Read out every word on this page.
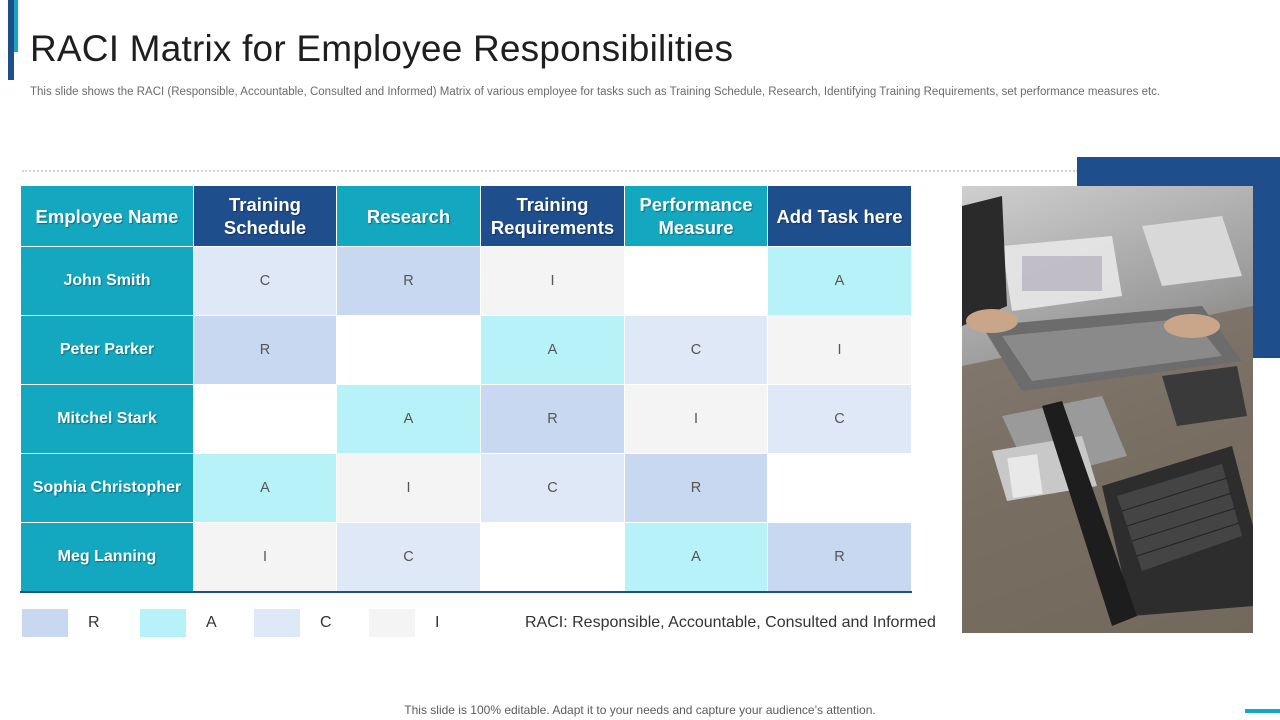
RACI Matrix for Employee Responsibilities
This slide shows the RACI (Responsible, Accountable, Consulted and Informed) Matrix of various employee for tasks such as Training Schedule, Research, Identifying Training Requirements, set performance measures etc.
Employee Name	Training Schedule	Research	Training Requirements	Performance Measure	Add Task here
John Smith	C	R	I		A
Peter Parker	R		A	C	I
Mitchel Stark		A	R	I	C
Sophia Christopher	A	I	C	R	
Meg Lanning	I	C		A	R
R	A	C	I	RACI: Responsible, Accountable, Consulted and Informed
This slide is 100% editable. Adapt it to your needs and capture your audience’s attention.
